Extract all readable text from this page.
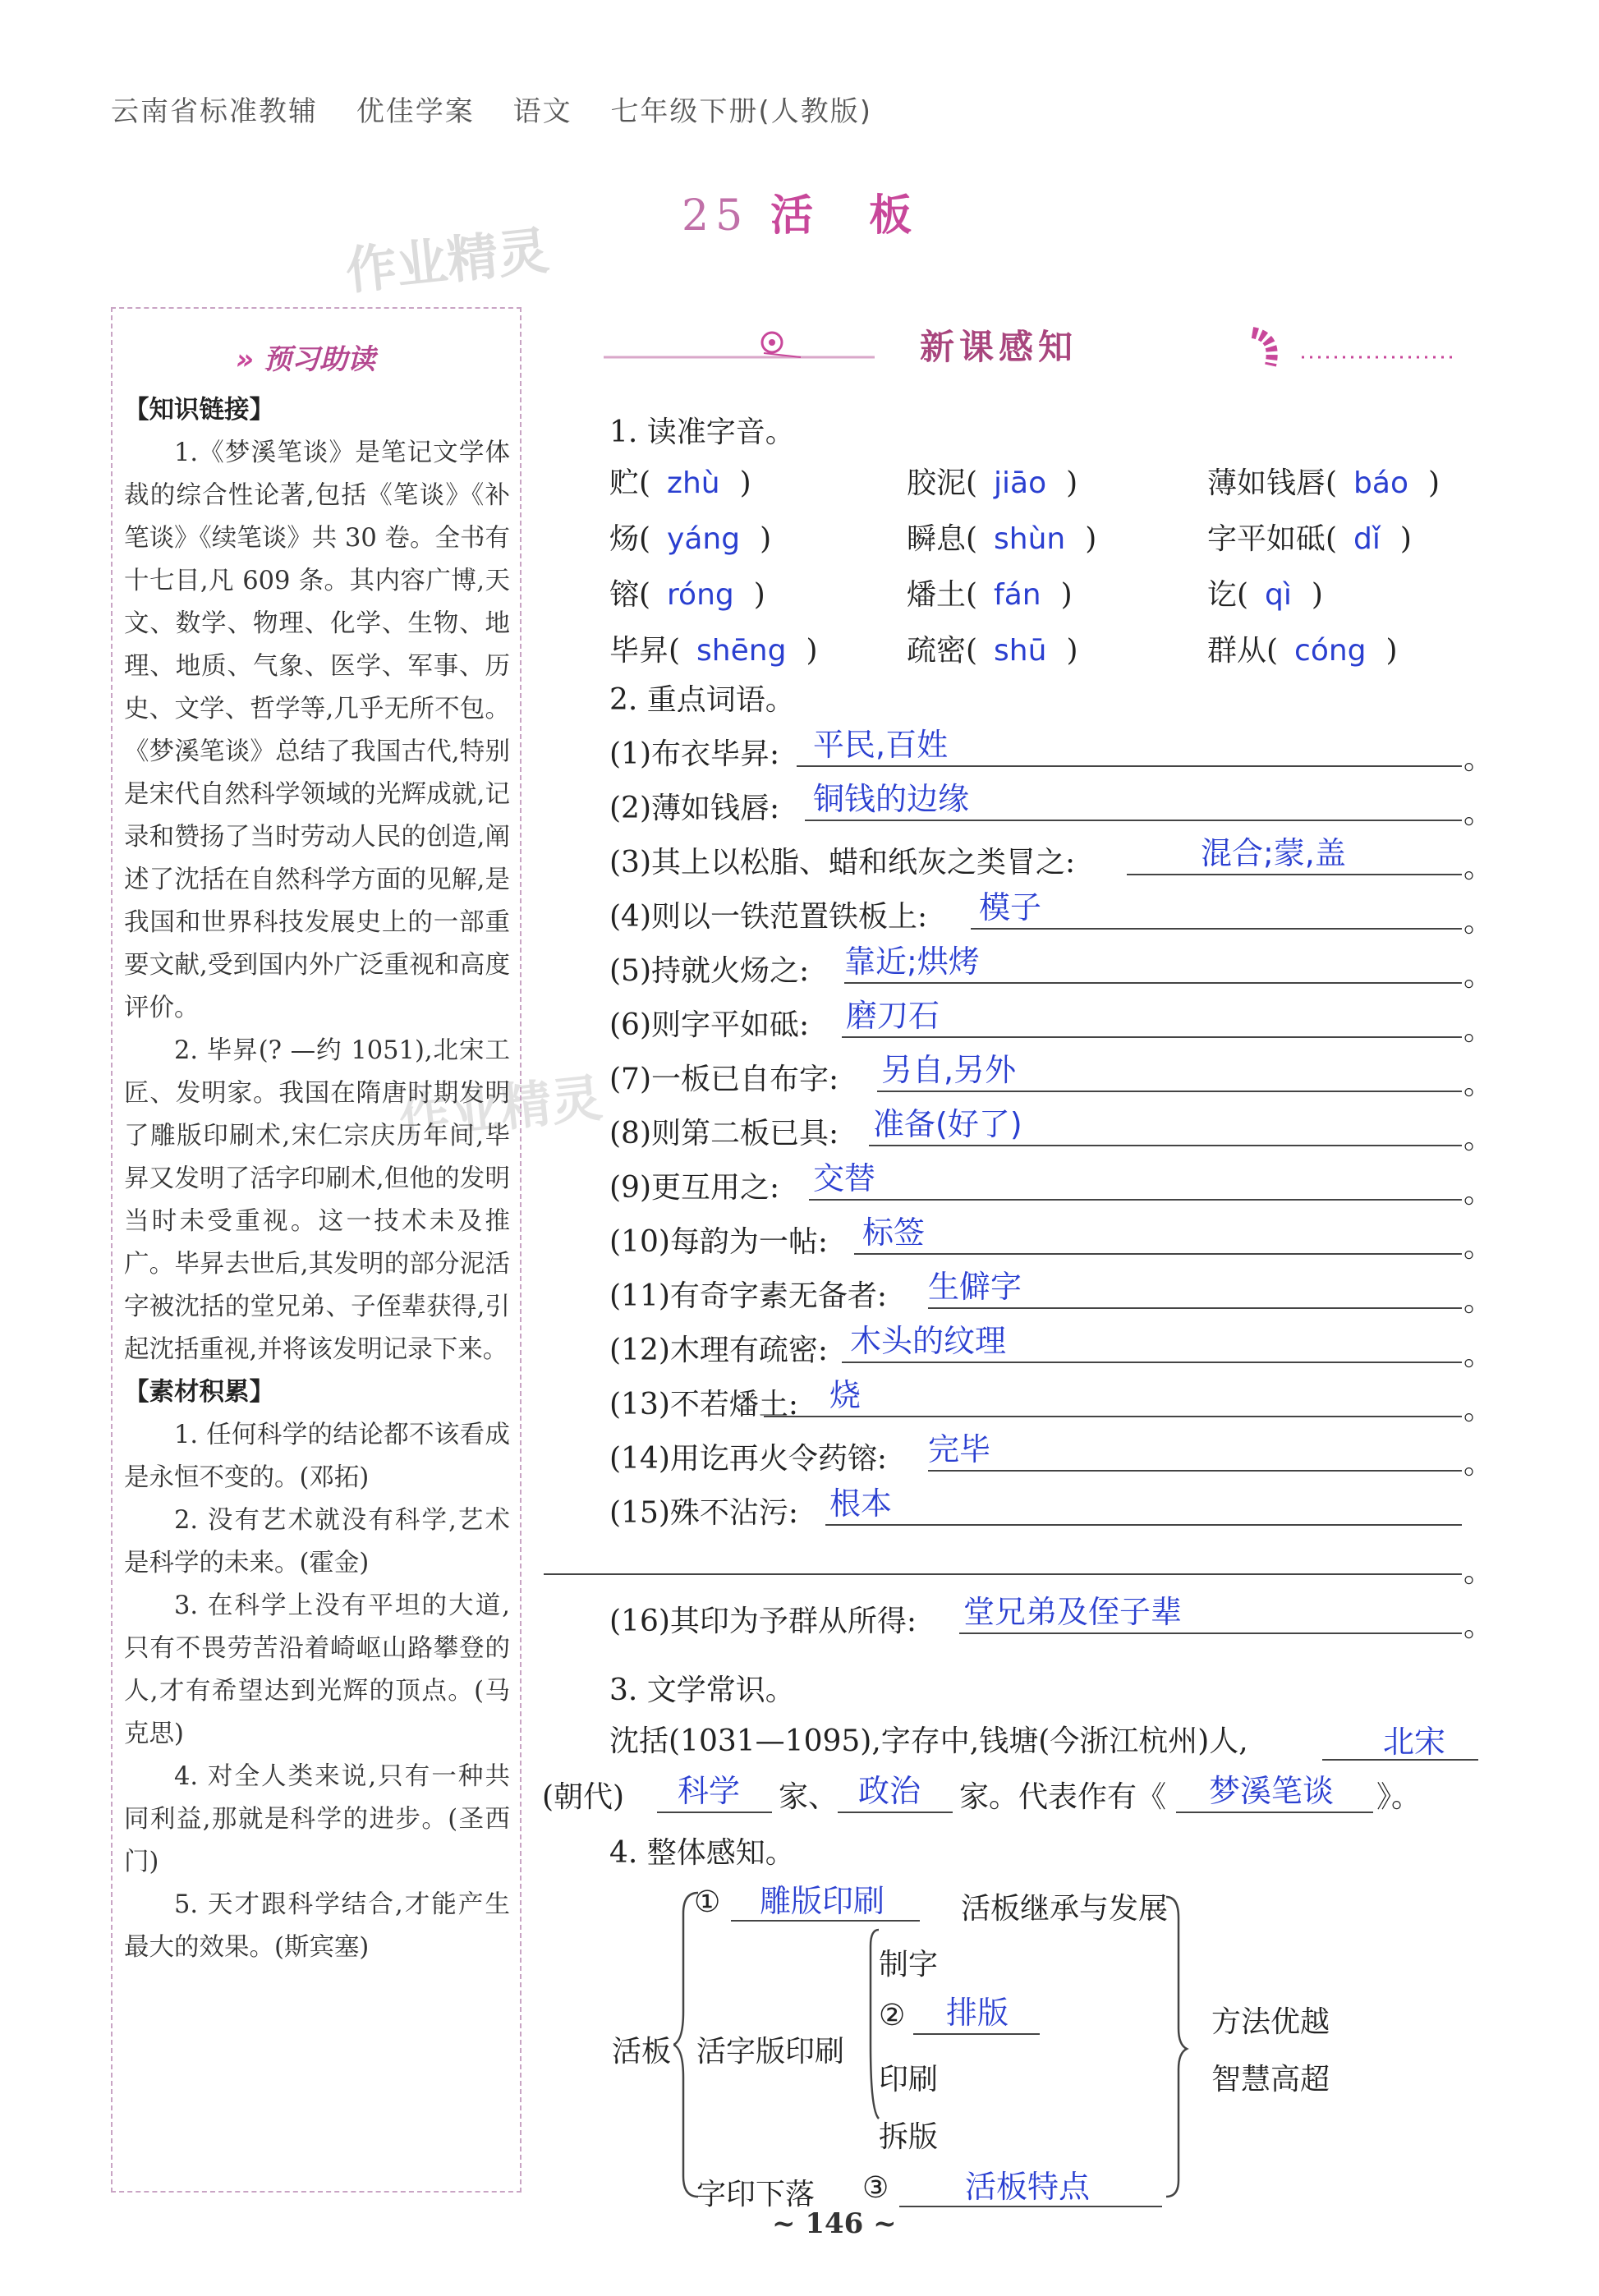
云南省标准教辅 优佳学案 语文 七年级下册(人教版)
25 活　板
作业精灵
作业精灵
» 预习助读

【知识链接】

1.《梦溪笔谈》是笔记文学体裁的综合性论著,包括《笔谈》《补笔谈》《续笔谈》共 30 卷。全书有十七目,凡 609 条。其内容广博,天文、数学、物理、化学、生物、地理、地质、气象、医学、军事、历史、文学、哲学等,几乎无所不包。《梦溪笔谈》总结了我国古代,特别是宋代自然科学领域的光辉成就,记录和赞扬了当时劳动人民的创造,阐述了沈括在自然科学方面的见解,是我国和世界科技发展史上的一部重要文献,受到国内外广泛重视和高度评价。

2. 毕昇(? —约 1051),北宋工匠、发明家。我国在隋唐时期发明了雕版印刷术,宋仁宗庆历年间,毕昇又发明了活字印刷术,但他的发明当时未受重视。这一技术未及推广。毕昇去世后,其发明的部分泥活字被沈括的堂兄弟、子侄辈获得,引起沈括重视,并将该发明记录下来。

【素材积累】

1. 任何科学的结论都不该看成是永恒不变的。(邓拓)

2. 没有艺术就没有科学,艺术是科学的未来。(霍金)

3. 在科学上没有平坦的大道,只有不畏劳苦沿着崎岖山路攀登的人,才有希望达到光辉的顶点。(马克思)

4. 对全人类来说,只有一种共同利益,那就是科学的进步。(圣西门)

5. 天才跟科学结合,才能产生最大的效果。(斯宾塞)

新课感知
1. 读准字音。
贮( zhù )	胶泥( jiāo )	薄如钱唇( báo )
炀( yáng )	瞬息( shùn )	字平如砥( dǐ )
镕( róng )	燔土( fán )	讫( qì )
毕昇( shēng )	疏密( shū )	群从( cóng )
2. 重点词语。
(1)布衣毕昇: 平民,百姓	。
(2)薄如钱唇: 铜钱的边缘	。
(3)其上以松脂、蜡和纸灰之类冒之:	混合;蒙,盖	。
(4)则以一铁范置铁板上: 模子	。
(5)持就火炀之: 靠近;烘烤	。
(6)则字平如砥: 磨刀石	。
(7)一板已自布字: 另自,另外	。
(8)则第二板已具: 准备(好了)	。
(9)更互用之: 交替	。
(10)每韵为一帖: 标签	。
(11)有奇字素无备者: 生僻字	。
(12)木理有疏密: 木头的纹理	。
(13)不若燔土: 烧	。
(14)用讫再火令药镕: 完毕	。
(15)殊不沾污: 根本
(16)其印为予群从所得: 堂兄弟及侄子辈	。
。
3. 文学常识。
沈括(1031—1095),字存中,钱塘(今浙江杭州)人,	北宋
(朝代) 科学 家、 政治 家。代表作有《 梦溪笔谈 》。
4. 整体感知。
活板
① 雕版印刷	活板继承与发展
活字版印刷
制字
② 排版
印刷
拆版
方法优越
智慧高超
字印下落 ③ 活板特点
~ 146 ~
